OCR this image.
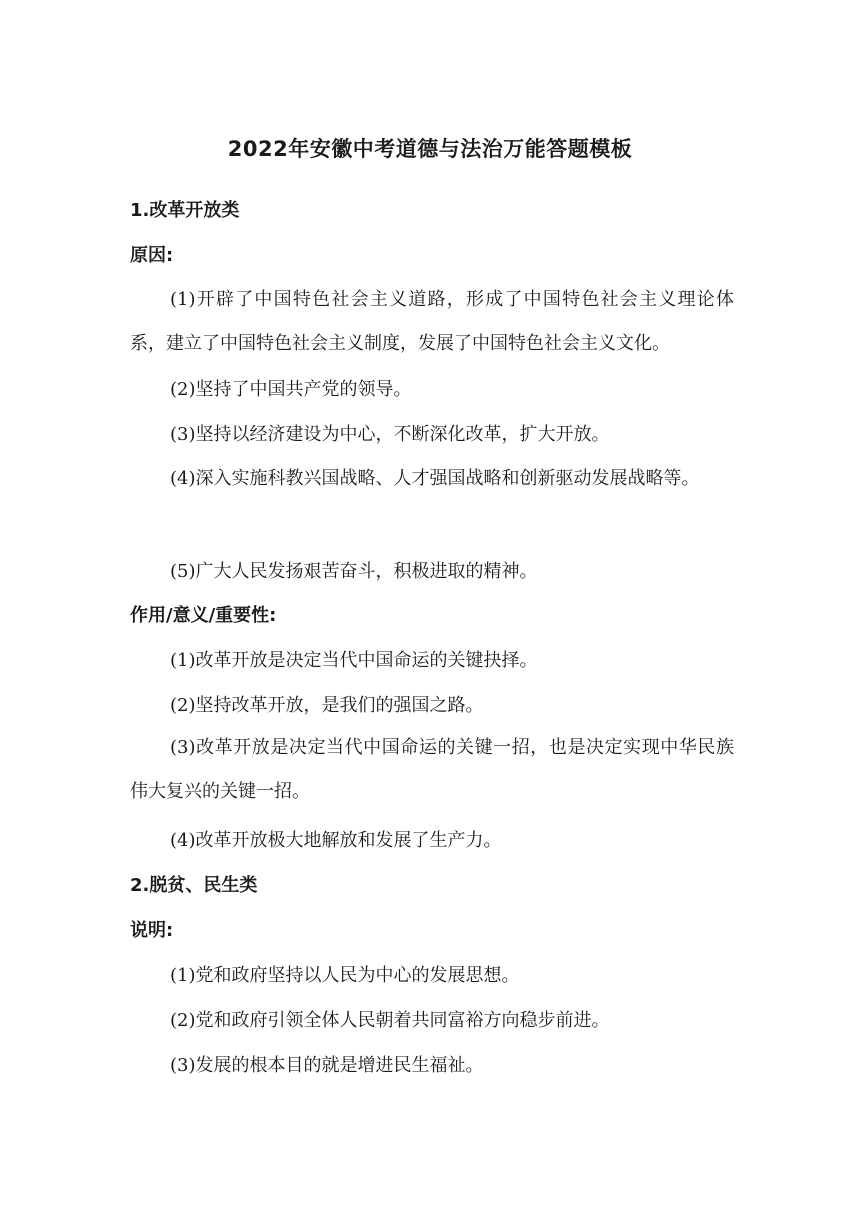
2022年安徽中考道德与法治万能答题模板
1.改革开放类
原因:
(1)开辟了中国特色社会主义道路，形成了中国特色社会主义理论体系，建立了中国特色社会主义制度，发展了中国特色社会主义文化。
(2)坚持了中国共产党的领导。
(3)坚持以经济建设为中心，不断深化改革，扩大开放。
(4)深入实施科教兴国战略、人才强国战略和创新驱动发展战略等。
(5)广大人民发扬艰苦奋斗，积极进取的精神。
作用/意义/重要性:
(1)改革开放是决定当代中国命运的关键抉择。
(2)坚持改革开放，是我们的强国之路。
(3)改革开放是决定当代中国命运的关键一招，也是决定实现中华民族伟大复兴的关键一招。
(4)改革开放极大地解放和发展了生产力。
2.脱贫、民生类
说明:
(1)党和政府坚持以人民为中心的发展思想。
(2)党和政府引领全体人民朝着共同富裕方向稳步前进。
(3)发展的根本目的就是增进民生福祉。
